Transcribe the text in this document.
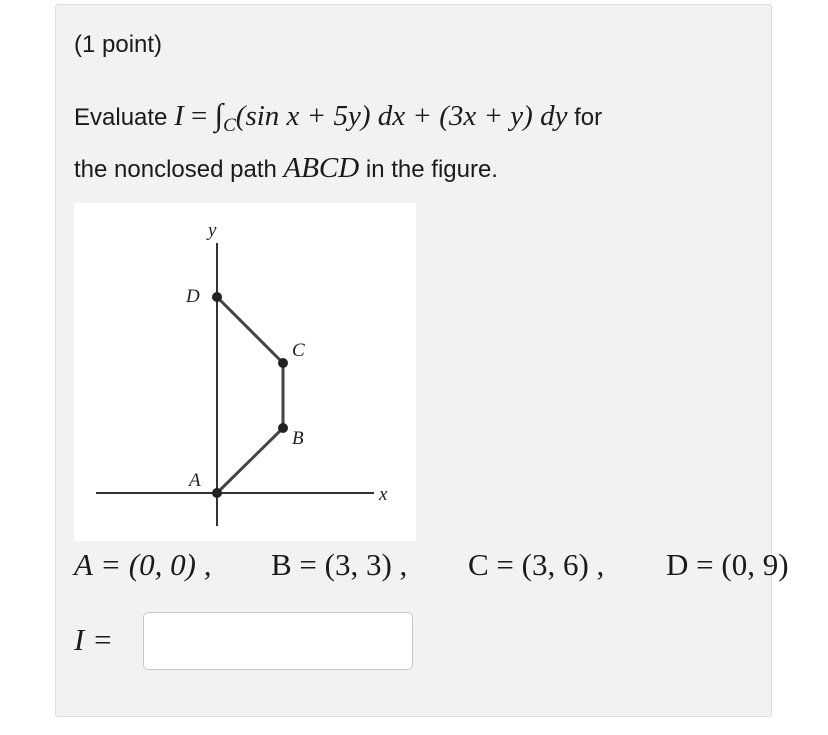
(1 point)
Evaluate $I = \int_C(\sin$ x + 5y) dx + (3x + y) dy for
the nonclosed path ABCD in the figure.
x
y
A
B
C
D
A = (0, 0) , B = (3, 3) , C = (3, 6) , D = (0, 9)
I =
